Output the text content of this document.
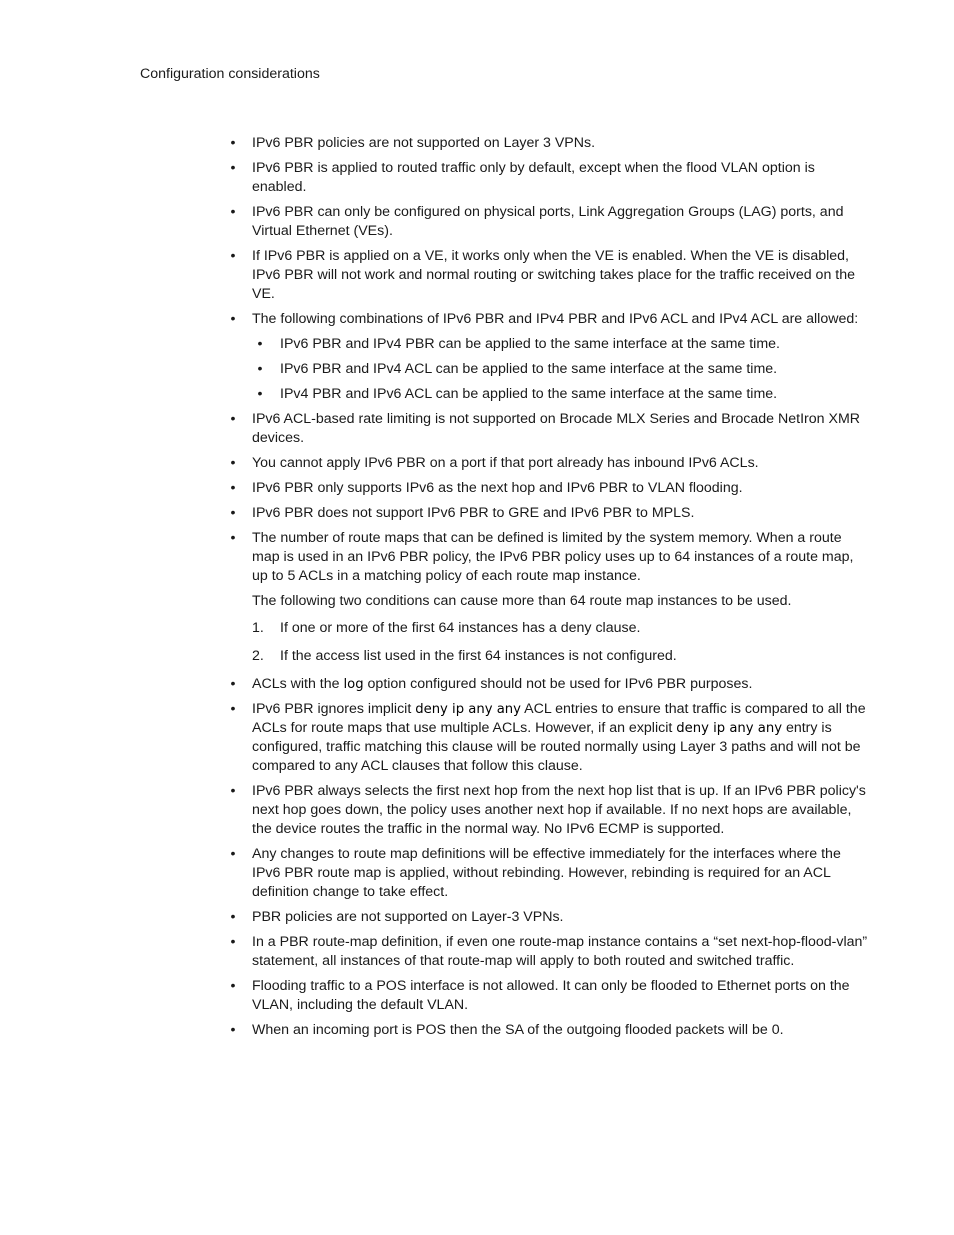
Configuration considerations
• IPv6 PBR policies are not supported on Layer 3 VPNs.
• IPv6 PBR is applied to routed traffic only by default, except when the flood VLAN option is enabled.
• IPv6 PBR can only be configured on physical ports, Link Aggregation Groups (LAG) ports, and Virtual Ethernet (VEs).
• If IPv6 PBR is applied on a VE, it works only when the VE is enabled. When the VE is disabled, IPv6 PBR will not work and normal routing or switching takes place for the traffic received on the VE.
• The following combinations of IPv6 PBR and IPv4 PBR and IPv6 ACL and IPv4 ACL are allowed:
• IPv6 PBR and IPv4 PBR can be applied to the same interface at the same time.
• IPv6 PBR and IPv4 ACL can be applied to the same interface at the same time.
• IPv4 PBR and IPv6 ACL can be applied to the same interface at the same time.
• IPv6 ACL-based rate limiting is not supported on Brocade MLX Series and Brocade NetIron XMR devices.
• You cannot apply IPv6 PBR on a port if that port already has inbound IPv6 ACLs.
• IPv6 PBR only supports IPv6 as the next hop and IPv6 PBR to VLAN flooding.
• IPv6 PBR does not support IPv6 PBR to GRE and IPv6 PBR to MPLS.
• The number of route maps that can be defined is limited by the system memory. When a route map is used in an IPv6 PBR policy, the IPv6 PBR policy uses up to 64 instances of a route map, up to 5 ACLs in a matching policy of each route map instance.
The following two conditions can cause more than 64 route map instances to be used.
1. If one or more of the first 64 instances has a deny clause.
2. If the access list used in the first 64 instances is not configured.
• ACLs with the log option configured should not be used for IPv6 PBR purposes.
• IPv6 PBR ignores implicit deny ip any any ACL entries to ensure that traffic is compared to all the ACLs for route maps that use multiple ACLs. However, if an explicit deny ip any any entry is configured, traffic matching this clause will be routed normally using Layer 3 paths and will not be compared to any ACL clauses that follow this clause.
• IPv6 PBR always selects the first next hop from the next hop list that is up. If an IPv6 PBR policy's next hop goes down, the policy uses another next hop if available. If no next hops are available, the device routes the traffic in the normal way. No IPv6 ECMP is supported.
• Any changes to route map definitions will be effective immediately for the interfaces where the IPv6 PBR route map is applied, without rebinding. However, rebinding is required for an ACL definition change to take effect.
• PBR policies are not supported on Layer-3 VPNs.
• In a PBR route-map definition, if even one route-map instance contains a “set next-hop-flood-vlan” statement, all instances of that route-map will apply to both routed and switched traffic.
• Flooding traffic to a POS interface is not allowed. It can only be flooded to Ethernet ports on the VLAN, including the default VLAN.
• When an incoming port is POS then the SA of the outgoing flooded packets will be 0.
